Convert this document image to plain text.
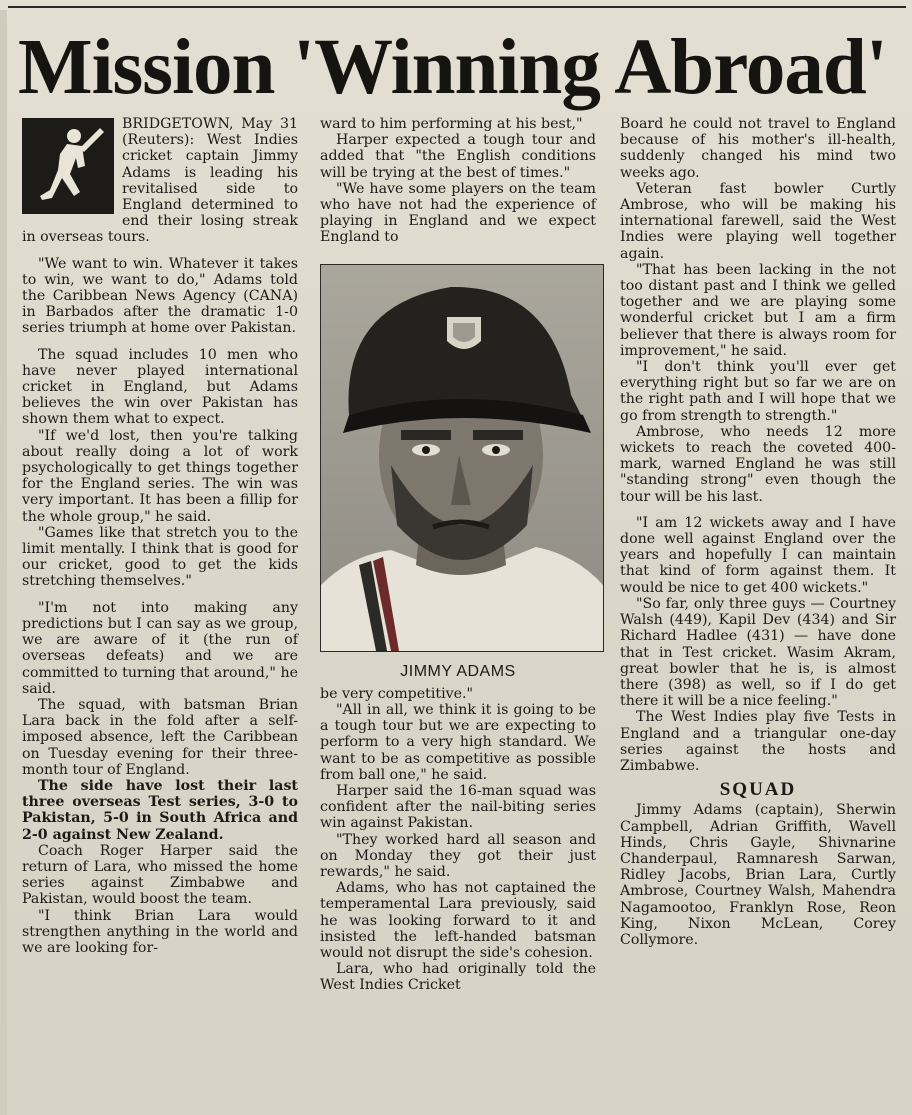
Mission 'Winning Abroad'

BRIDGETOWN, May 31 (Reuters): West Indies cricket captain Jimmy Adams is leading his revitalised side to England determined to end their losing streak in overseas tours.

"We want to win. Whatever it takes to win, we want to do," Adams told the Caribbean News Agency (CANA) in Barbados after the dramatic 1-0 series triumph at home over Pakistan.

The squad includes 10 men who have never played international cricket in England, but Adams believes the win over Pakistan has shown them what to expect.

"If we'd lost, then you're talking about really doing a lot of work psychologically to get things together for the England series. The win was very important. It has been a fillip for the whole group," he said.

"Games like that stretch you to the limit mentally. I think that is good for our cricket, good to get the kids stretching themselves."

"I'm not into making any predictions but I can say as we group, we are aware of it (the run of overseas defeats) and we are committed to turning that around," he said.

The squad, with batsman Brian Lara back in the fold after a self-imposed absence, left the Caribbean on Tuesday evening for their three-month tour of England.

The side have lost their last three overseas Test series, 3-0 to Pakistan, 5-0 in South Africa and 2-0 against New Zealand.

Coach Roger Harper said the return of Lara, who missed the home series against Zimbabwe and Pakistan, would boost the team.

"I think Brian Lara would strengthen anything in the world and we are looking for-

ward to him performing at his best,"

Harper expected a tough tour and added that "the English conditions will be trying at the best of times."

"We have some players on the team who have not had the experience of playing in England and we expect England to

JIMMY ADAMS

be very competitive."

"All in all, we think it is going to be a tough tour but we are expecting to perform to a very high standard. We want to be as competitive as possible from ball one," he said.

Harper said the 16-man squad was confident after the nail-biting series win against Pakistan.

"They worked hard all season and on Monday they got their just rewards," he said.

Adams, who has not captained the temperamental Lara previously, said he was looking forward to it and insisted the left-handed batsman would not disrupt the side's cohesion.

Lara, who had originally told the West Indies Cricket

Board he could not travel to England because of his mother's ill-health, suddenly changed his mind two weeks ago.

Veteran fast bowler Curtly Ambrose, who will be making his international farewell, said the West Indies were playing well together again.

"That has been lacking in the not too distant past and I think we gelled together and we are playing some wonderful cricket but I am a firm believer that there is always room for improvement," he said.

"I don't think you'll ever get everything right but so far we are on the right path and I will hope that we go from strength to strength."

Ambrose, who needs 12 more wickets to reach the coveted 400-mark, warned England he was still "standing strong" even though the tour will be his last.

"I am 12 wickets away and I have done well against England over the years and hopefully I can maintain that kind of form against them. It would be nice to get 400 wickets."

"So far, only three guys — Courtney Walsh (449), Kapil Dev (434) and Sir Richard Hadlee (431) — have done that in Test cricket. Wasim Akram, great bowler that he is, is almost there (398) as well, so if I do get there it will be a nice feeling."

The West Indies play five Tests in England and a triangular one-day series against the hosts and Zimbabwe.

SQUAD

Jimmy Adams (captain), Sherwin Campbell, Adrian Griffith, Wavell Hinds, Chris Gayle, Shivnarine Chanderpaul, Ramnaresh Sarwan, Ridley Jacobs, Brian Lara, Curtly Ambrose, Courtney Walsh, Mahendra Nagamootoo, Franklyn Rose, Reon King, Nixon McLean, Corey Collymore.
